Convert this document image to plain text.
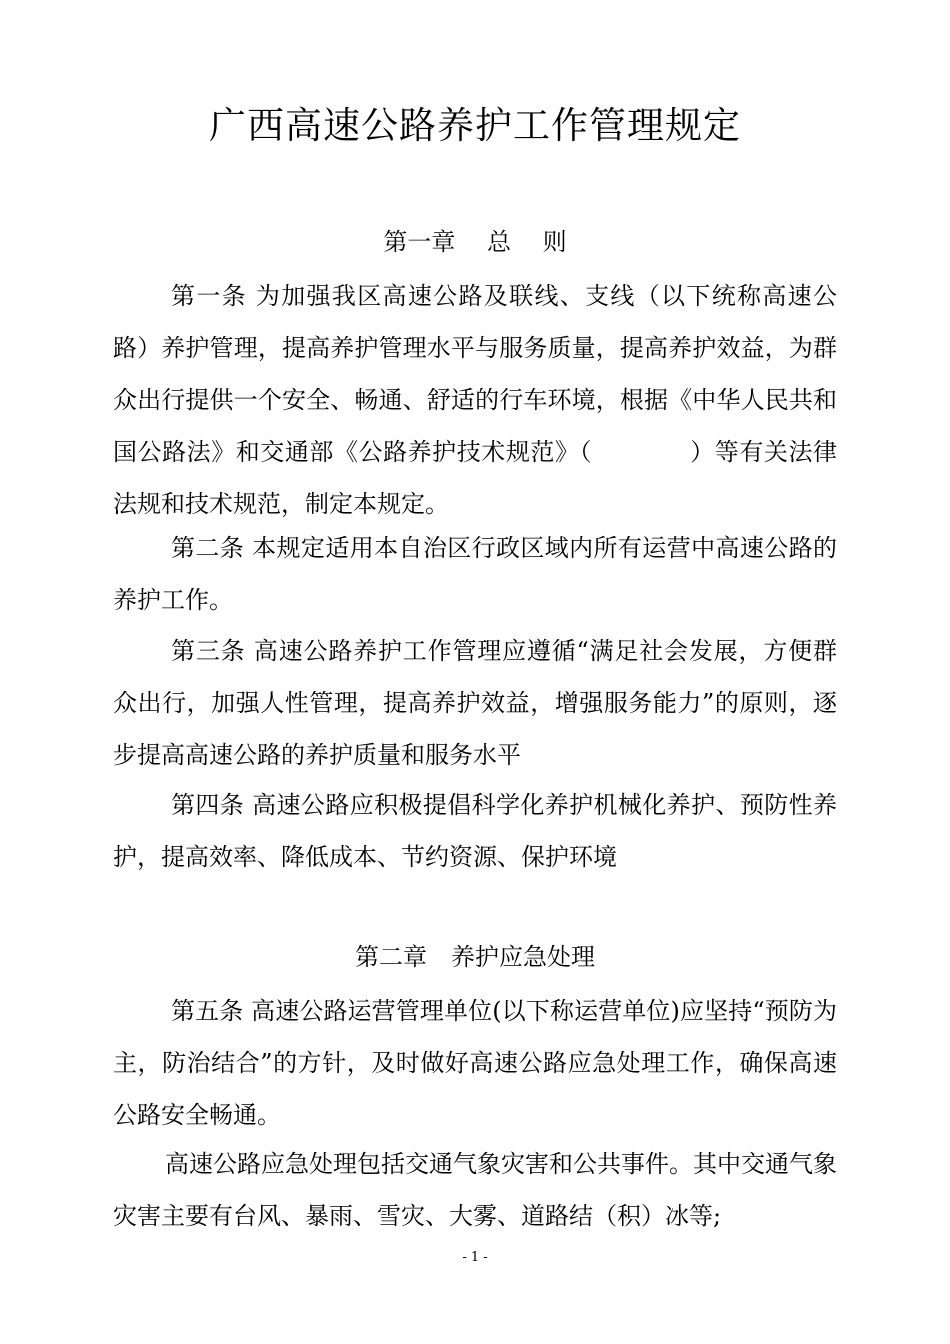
广西高速公路养护工作管理规定
第一章　 总　 则

第一条 为加强我区高速公路及联线、支线（以下统称高速公路）养护管理，提高养护管理水平与服务质量，提高养护效益，为群众出行提供一个安全、畅通、舒适的行车环境，根据《中华人民共和国公路法》和交通部《公路养护技术规范》（　　　　）等有关法律法规和技术规范，制定本规定。

第二条 本规定适用本自治区行政区域内所有运营中高速公路的养护工作。

第三条 高速公路养护工作管理应遵循“满足社会发展，方便群众出行，加强人性管理，提高养护效益，增强服务能力”的原则，逐步提高高速公路的养护质量和服务水平

第四条 高速公路应积极提倡科学化养护机械化养护、预防性养护，提高效率、降低成本、节约资源、保护环境

第二章　养护应急处理

第五条 高速公路运营管理单位(以下称运营单位)应坚持“预防为主，防治结合”的方针，及时做好高速公路应急处理工作，确保高速公路安全畅通。

高速公路应急处理包括交通气象灾害和公共事件。其中交通气象灾害主要有台风、暴雨、雪灾、大雾、道路结（积）冰等;

- 1 -
